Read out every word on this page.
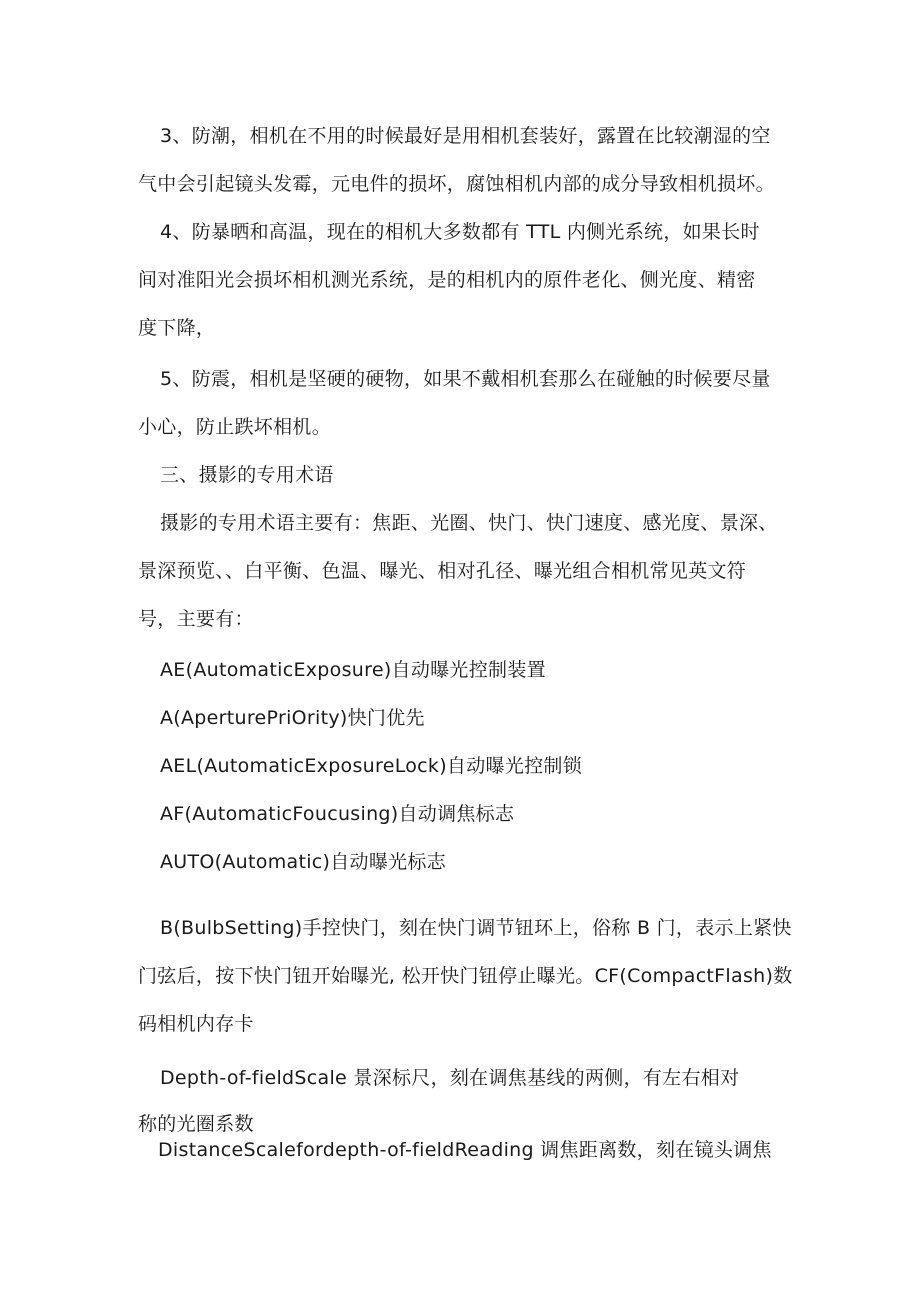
3、防潮，相机在不用的时候最好是用相机套装好，露置在比较潮湿的空
气中会引起镜头发霉，元电件的损坏，腐蚀相机内部的成分导致相机损坏。
4、防暴晒和高温，现在的相机大多数都有 TTL 内侧光系统，如果长时
间对准阳光会损坏相机测光系统，是的相机内的原件老化、侧光度、精密
度下降，
5、防震，相机是坚硬的硬物，如果不戴相机套那么在碰触的时候要尽量
小心，防止跌坏相机。
三、摄影的专用术语
摄影的专用术语主要有：焦距、光圈、快门、快门速度、感光度、景深、
景深预览、、白平衡、色温、曝光、相对孔径、曝光组合相机常见英文符
号，主要有：
AE(AutomaticExposure)自动曝光控制装置
A(AperturePriOrity)快门优先
AEL(AutomaticExposureLock)自动曝光控制锁
AF(AutomaticFoucusing)自动调焦标志
AUTO(Automatic)自动曝光标志
B(BulbSetting)手控快门，刻在快门调节钮环上，俗称 B 门，表示上紧快
门弦后，按下快门钮开始曝光, 松开快门钮停止曝光。CF(CompactFlash)数
码相机内存卡
Depth-of-fieldScale 景深标尺，刻在调焦基线的两侧，有左右相对
称的光圈系数
DistanceScalefordepth-of-fieldReading 调焦距离数，刻在镜头调焦
